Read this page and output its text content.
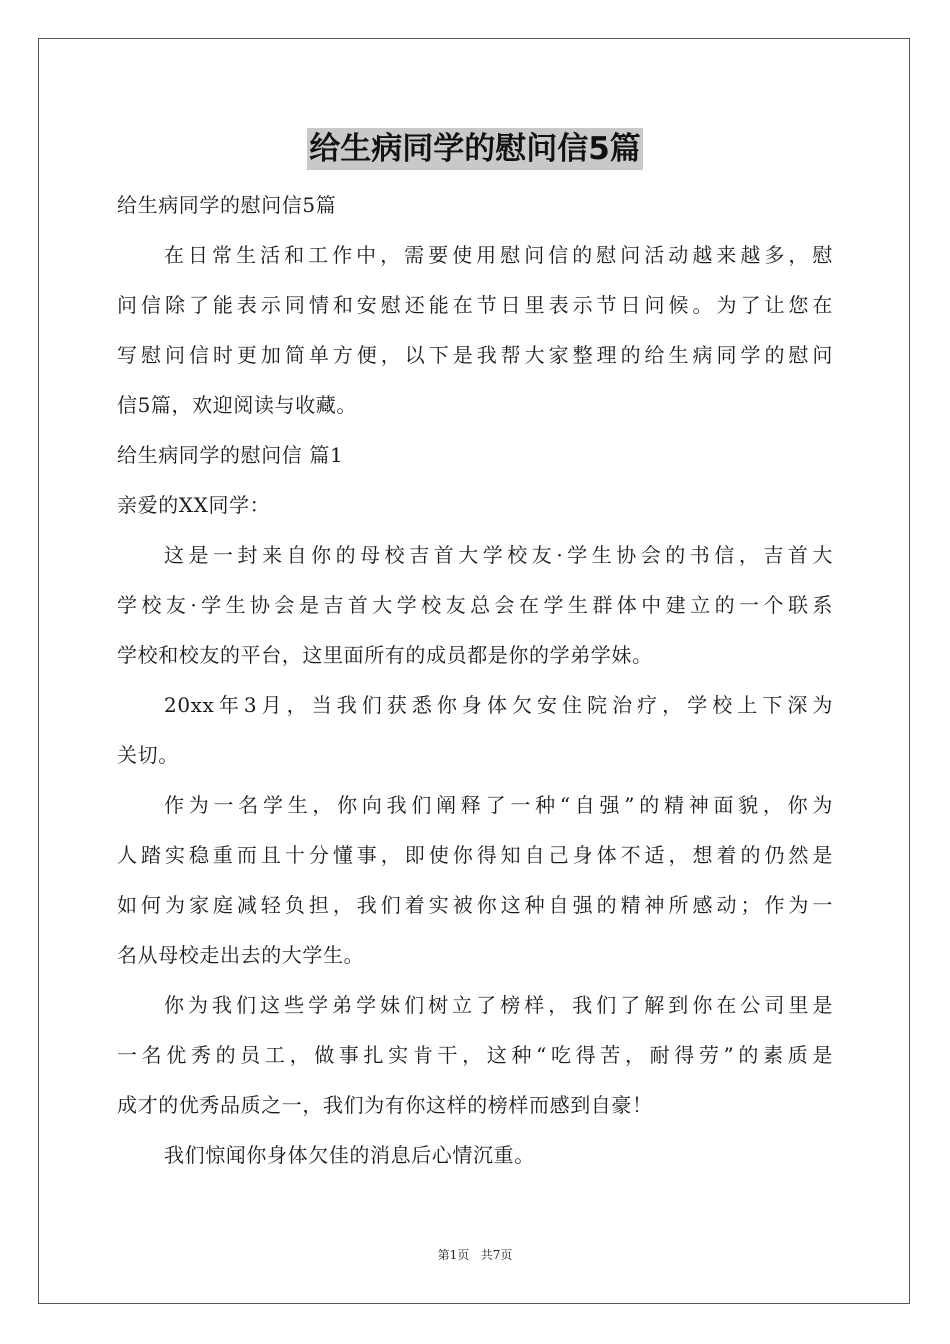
给生病同学的慰问信5篇
给生病同学的慰问信5篇
在日常生活和工作中，需要使用慰问信的慰问活动越来越多，慰
问信除了能表示同情和安慰还能在节日里表示节日问候。为了让您在
写慰问信时更加简单方便，以下是我帮大家整理的给生病同学的慰问
信5篇，欢迎阅读与收藏。
给生病同学的慰问信 篇1
亲爱的XX同学：
这是一封来自你的母校吉首大学校友·学生协会的书信，吉首大
学校友·学生协会是吉首大学校友总会在学生群体中建立的一个联系
学校和校友的平台，这里面所有的成员都是你的学弟学妹。
20xx年3月，当我们获悉你身体欠安住院治疗，学校上下深为
关切。
作为一名学生，你向我们阐释了一种“自强”的精神面貌，你为
人踏实稳重而且十分懂事，即使你得知自己身体不适，想着的仍然是
如何为家庭减轻负担，我们着实被你这种自强的精神所感动；作为一
名从母校走出去的大学生。
你为我们这些学弟学妹们树立了榜样，我们了解到你在公司里是
一名优秀的员工，做事扎实肯干，这种“吃得苦，耐得劳”的素质是
成才的优秀品质之一，我们为有你这样的榜样而感到自豪！
我们惊闻你身体欠佳的消息后心情沉重。
第1页   共7页
